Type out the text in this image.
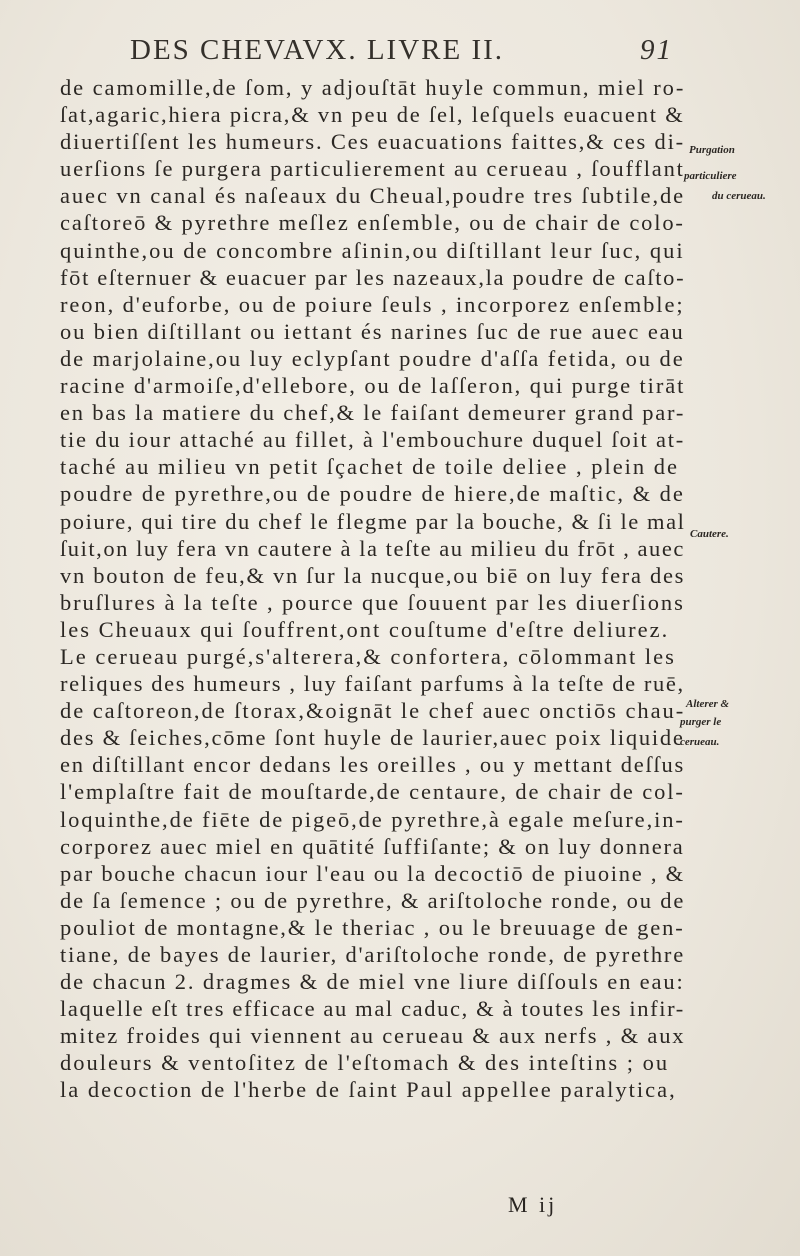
DES CHEVAVX. LIVRE II.	91
de camomille,de ſom, y adjouſtāt huyle commun, miel ro-
ſat,agaric,hiera picra,& vn peu de ſel, leſquels euacuent &
diuertiſſent les humeurs. Ces euacuations faittes,& ces di-
uerſions ſe purgera particulierement au cerueau , ſoufflant
auec vn canal és naſeaux du Cheual,poudre tres ſubtile,de
caſtoreō & pyrethre meſlez enſemble, ou de chair de colo-
quinthe,ou de concombre aſinin,ou diſtillant leur ſuc, qui
fōt eſternuer & euacuer par les nazeaux,la poudre de caſto-
reon, d'euforbe, ou de poiure ſeuls , incorporez enſemble;
ou bien diſtillant ou iettant és narines ſuc de rue auec eau
de marjolaine,ou luy eclypſant poudre d'aſſa fetida, ou de
racine d'armoiſe,d'ellebore, ou de laſſeron, qui purge tirāt
en bas la matiere du chef,& le faiſant demeurer grand par-
tie du iour attaché au fillet, à l'embouchure duquel ſoit at-
taché au milieu vn petit ſçachet de toile deliee , plein de
poudre de pyrethre,ou de poudre de hiere,de maſtic, & de
poiure, qui tire du chef le flegme par la bouche, & ſi le mal
ſuit,on luy fera vn cautere à la teſte au milieu du frōt , auec
vn bouton de feu,& vn ſur la nucque,ou biē on luy fera des
bruſlures à la teſte , pource que ſouuent par les diuerſions
les Cheuaux qui ſouffrent,ont couſtume d'eſtre deliurez.
Le cerueau purgé,s'alterera,& confortera, cōlommant les
reliques des humeurs , luy faiſant parfums à la teſte de ruē,
de caſtoreon,de ſtorax,&oignāt le chef auec onctiōs chau-
des & ſeiches,cōme ſont huyle de laurier,auec poix liquide
en diſtillant encor dedans les oreilles , ou y mettant deſſus
l'emplaſtre fait de mouſtarde,de centaure, de chair de col-
loquinthe,de fiēte de pigeō,de pyrethre,à egale meſure,in-
corporez auec miel en quātité ſuffiſante; & on luy donnera
par bouche chacun iour l'eau ou la decoctiō de piuoine , &
de ſa ſemence ; ou de pyrethre, & ariſtoloche ronde, ou de
pouliot de montagne,& le theriac , ou le breuuage de gen-
tiane, de bayes de laurier, d'ariſtoloche ronde, de pyrethre
de chacun 2. dragmes & de miel vne liure diſſouls en eau:
laquelle eſt tres efficace au mal caduc, & à toutes les infir-
mitez froides qui viennent au cerueau & aux nerfs , & aux
douleurs & ventoſitez de l'eſtomach & des inteſtins ; ou
la decoction de l'herbe de ſaint Paul appellee paralytica,
Purgation
particuliere
du cerueau.
Cautere.
Alterer &
purger le
cerueau.
M ij
